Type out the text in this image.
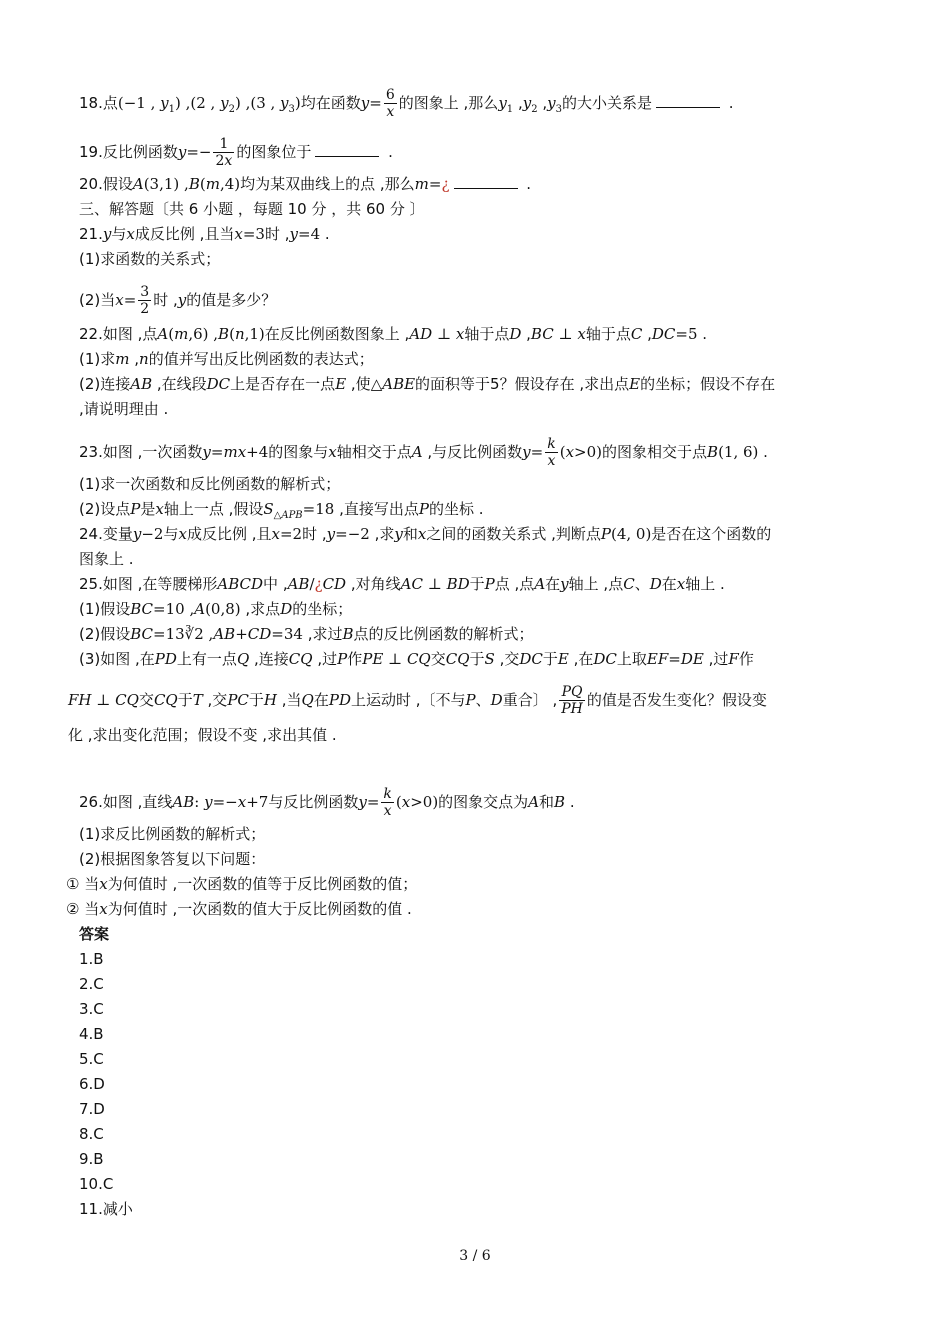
18.点(−1 , $y_1$) ,(2 , $y_2$) ,(3 , $y_3$)均在函数$y= \frac{6}{x}$ 的图象上 ,那么$y_1$ $,y_2$ $,y_3$的大小关系是	.
19.反比例函数$y=- \frac{1}{2x}$ 的图象位于	.
20.假设A(3,1) ,B(m,4)均为某双曲线上的点 ,那么m=¿	.
三、解答题〔共 6 小题 ，每题 10 分 ，共 60 分 〕
21.y与x成反比例 ,且当x=3时 ,y=4 .
(1)求函数的关系式；
(2)当$x= \frac{3}{2}$ 时 ,y的值是多少？
22.如图 ,点A(m,6) ,B(n,1)在反比例函数图象上 ,AD ⊥ x轴于点D ,BC ⊥ x轴于点C ,DC=5 .
(1)求m ,n的值并写出反比例函数的表达式；
(2)连接AB ,在线段DC上是否存在一点E ,使△ABE的面积等于5？假设存在 ,求出点E的坐标；假设不存在
,请说明理由 .
23.如图 ,一次函数y=mx+4的图象与x轴相交于点A ,与反比例函数$y= \frac{k}{x} (x>0)$的图象相交于点B(1, 6) .
(1)求一次函数和反比例函数的解析式；
(2)设点P是x轴上一点 ,假设$S_{\triangle APB}=18$ ,直接写出点P的坐标 .
24.变量y−2与x成反比例 ,且x=2时 ,y=−2 ,求y和x之间的函数关系式 ,判断点P(4, 0)是否在这个函数的
图象上 .
25.如图 ,在等腰梯形ABCD中 ,AB/¿CD ,对角线AC ⊥ BD于P点 ,点A在y轴上 ,点C、D在x轴上 .
(1)假设BC=10 ,A(0,8) ,求点D的坐标；
(2)假设BC=13∛2 ,AB+CD=34 ,求过B点的反比例函数的解析式；
(3)如图 ,在PD上有一点Q ,连接CQ ,过P作PE ⊥ CQ交CQ于S ,交DC于E ,在DC上取EF=DE ,过F作
FH ⊥ CQ交CQ于T ,交PC于H ,当Q在PD上运动时 ,〔不与P、D重合〕 , $\frac{PQ}{PH}$ 的值是否发生变化？假设变
化 ,求出变化范围；假设不变 ,求出其值 .
26.如图 ,直线AB: y=−x+7与反比例函数$y= \frac{k}{x} (x>0)$的图象交点为A和B .
(1)求反比例函数的解析式；
(2)根据图象答复以下问题：
① 当x为何值时 ,一次函数的值等于反比例函数的值；
② 当x为何值时 ,一次函数的值大于反比例函数的值 .
答案
1.B
2.C
3.C
4.B
5.C
6.D
7.D
8.C
9.B
10.C
11.减小
3 / 6
